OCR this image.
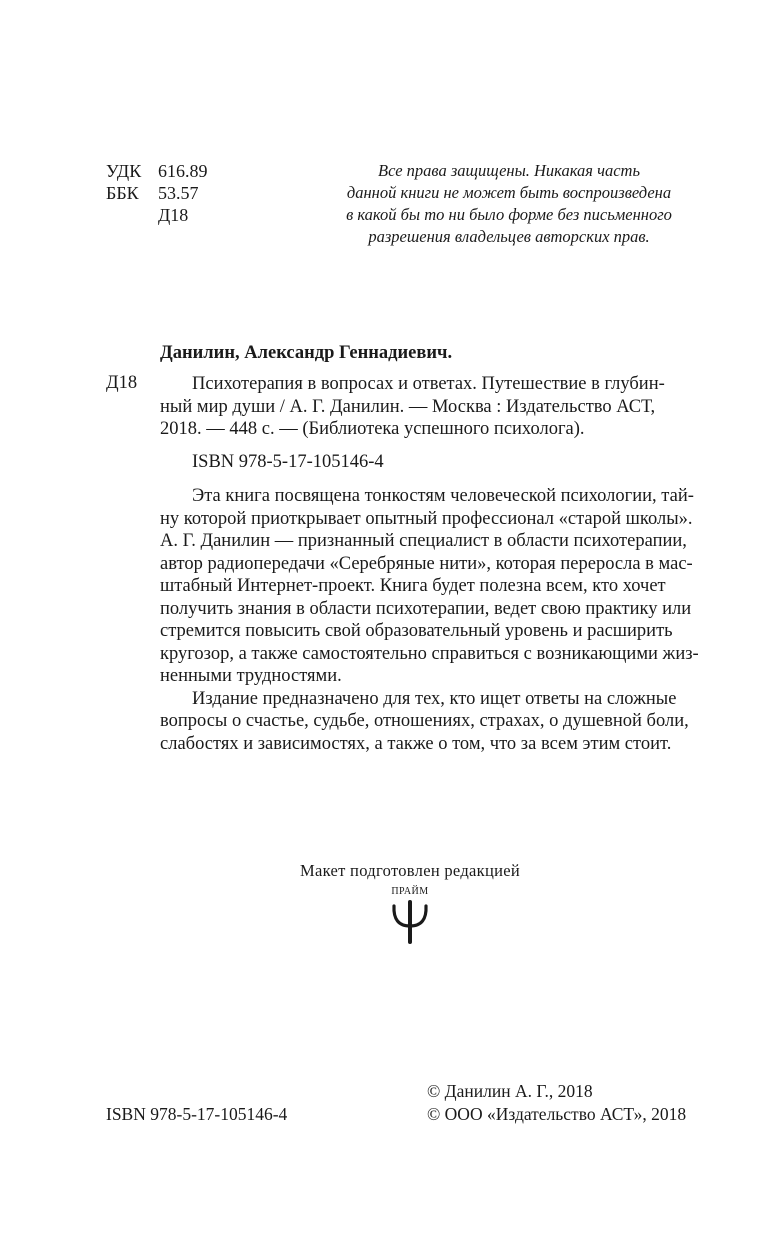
УДК 616.89
ББК	53.57
Д18
Все права защищены. Никакая часть
данной книги не может быть воспроизведена
в какой бы то ни было форме без письменного
разрешения владельцев авторских прав.
Данилин, Александр Геннадиевич.
Д18	Психотерапия в вопросах и ответах. Путешествие в глубин-
ный мир души / А. Г. Данилин. — Москва : Издательство АСТ,
2018. — 448 с. — (Библиотека успешного психолога).
ISBN 978-5-17-105146-4
Эта книга посвящена тонкостям человеческой психологии, тай-
ну которой приоткрывает опытный профессионал «старой школы».
А. Г. Данилин — признанный специалист в области психотерапии,
автор радиопередачи «Серебряные нити», которая переросла в мас-
штабный Интернет-проект. Книга будет полезна всем, кто хочет
получить знания в области психотерапии, ведет свою практику или
стремится повысить свой образовательный уровень и расширить
кругозор, а также самостоятельно справиться с возникающими жиз-
ненными трудностями.
Издание предназначено для тех, кто ищет ответы на сложные
вопросы о счастье, судьбе, отношениях, страхах, о душевной боли,
слабостях и зависимостях, а также о том, что за всем этим стоит.
Макет подготовлен редакцией
ПРАЙМ
ISBN 978-5-17-105146-4
© Данилин А. Г., 2018
© ООО «Издательство АСТ», 2018
